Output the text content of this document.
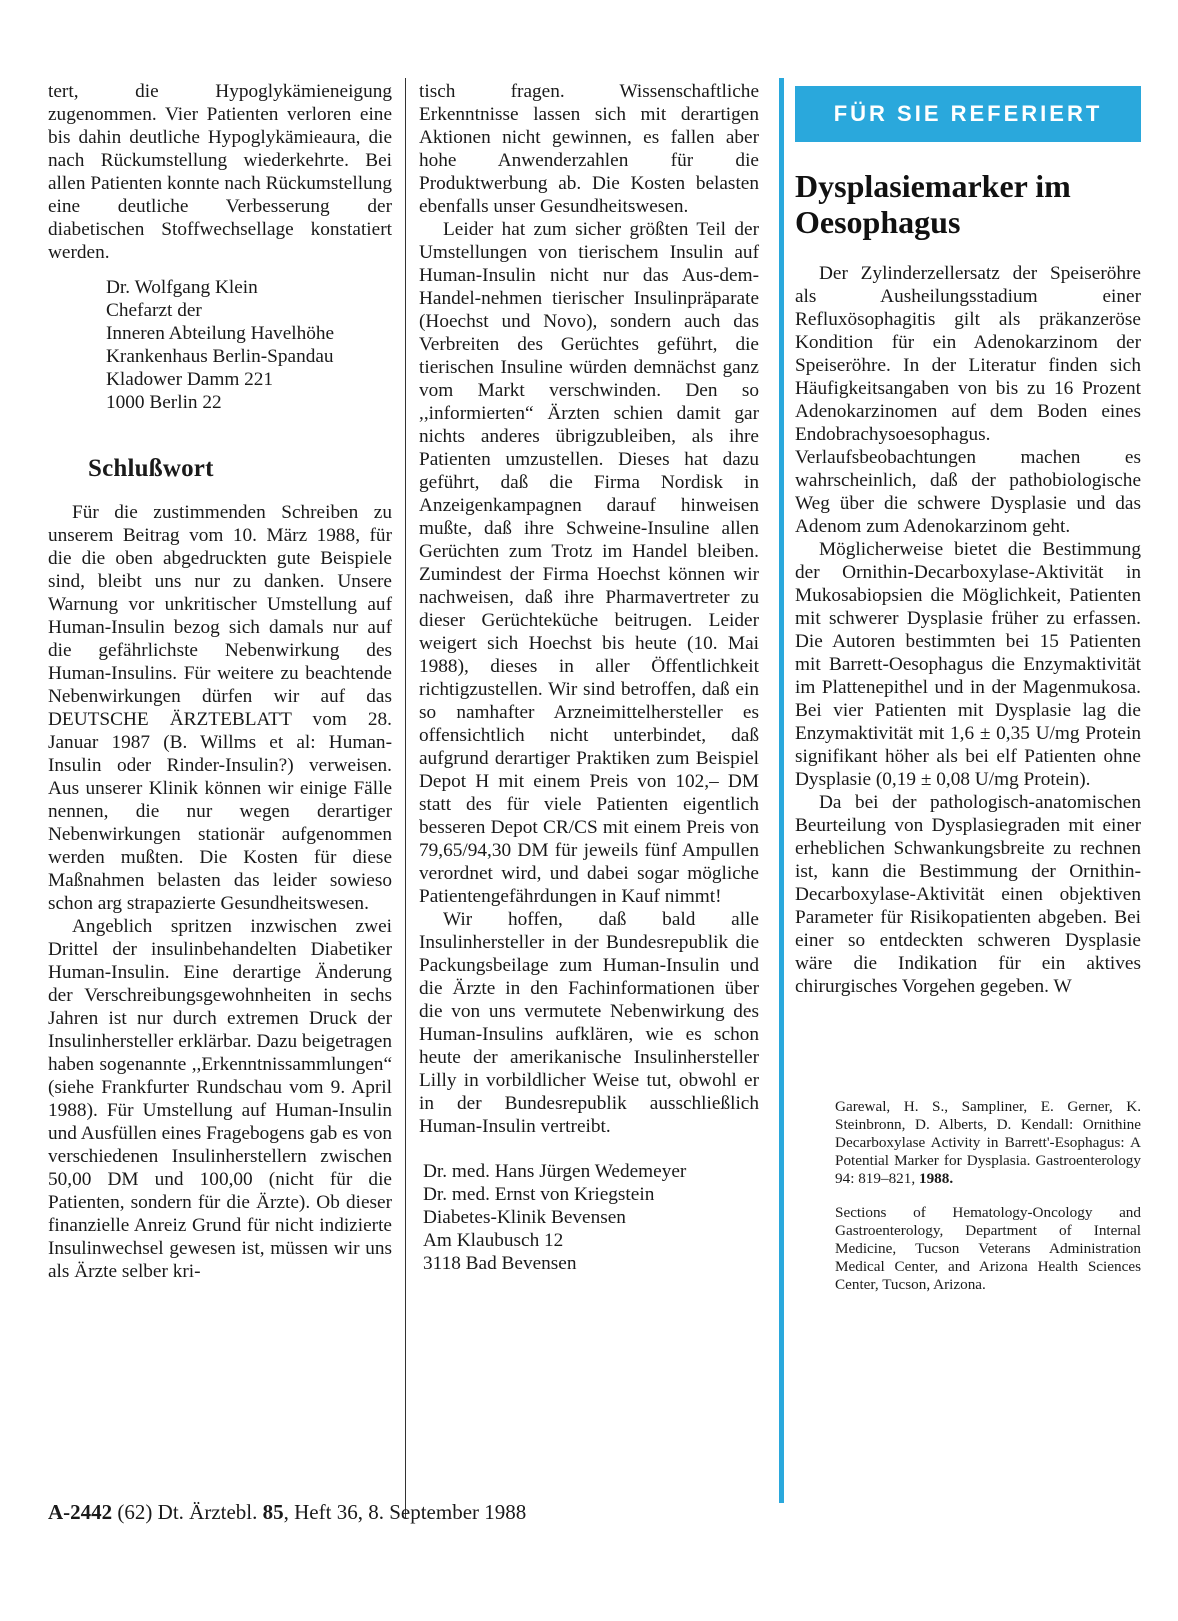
tert, die Hypoglykämieneigung zugenommen. Vier Patienten verloren eine bis dahin deutliche Hypoglykämieaura, die nach Rückumstellung wiederkehrte. Bei allen Patienten konnte nach Rückumstellung eine deutliche Verbesserung der diabetischen Stoffwechsellage konstatiert werden.

Dr. Wolfgang Klein
Chefarzt der
Inneren Abteilung Havelhöhe
Krankenhaus Berlin-Spandau
Kladower Damm 221
1000 Berlin 22
Schlußwort

Für die zustimmenden Schreiben zu unserem Beitrag vom 10. März 1988, für die die oben abgedruckten gute Beispiele sind, bleibt uns nur zu danken. Unsere Warnung vor unkritischer Umstellung auf Human-Insulin bezog sich damals nur auf die gefährlichste Nebenwirkung des Human-Insulins. Für weitere zu beachtende Nebenwirkungen dürfen wir auf das DEUTSCHE ÄRZTEBLATT vom 28. Januar 1987 (B. Willms et al: Human-Insulin oder Rinder-Insulin?) verweisen. Aus unserer Klinik können wir einige Fälle nennen, die nur wegen derartiger Nebenwirkungen stationär aufgenommen werden mußten. Die Kosten für diese Maßnahmen belasten das leider sowieso schon arg strapazierte Gesundheitswesen.

Angeblich spritzen inzwischen zwei Drittel der insulinbehandelten Diabetiker Human-Insulin. Eine derartige Änderung der Verschreibungsgewohnheiten in sechs Jahren ist nur durch extremen Druck der Insulinhersteller erklärbar. Dazu beigetragen haben sogenannte ,,Erkenntnissammlungen“ (siehe Frankfurter Rundschau vom 9. April 1988). Für Umstellung auf Human-Insulin und Ausfüllen eines Fragebogens gab es von verschiedenen Insulinherstellern zwischen 50,00 DM und 100,00 (nicht für die Patienten, sondern für die Ärzte). Ob dieser finanzielle Anreiz Grund für nicht indizierte Insulinwechsel gewesen ist, müssen wir uns als Ärzte selber kri-

tisch fragen. Wissenschaftliche Erkenntnisse lassen sich mit derartigen Aktionen nicht gewinnen, es fallen aber hohe Anwenderzahlen für die Produktwerbung ab. Die Kosten belasten ebenfalls unser Gesundheitswesen.

Leider hat zum sicher größten Teil der Umstellungen von tierischem Insulin auf Human-Insulin nicht nur das Aus-dem-Handel-nehmen tierischer Insulinpräparate (Hoechst und Novo), sondern auch das Verbreiten des Gerüchtes geführt, die tierischen Insuline würden demnächst ganz vom Markt verschwinden. Den so ,,informierten“ Ärzten schien damit gar nichts anderes übrigzubleiben, als ihre Patienten umzustellen. Dieses hat dazu geführt, daß die Firma Nordisk in Anzeigenkampagnen darauf hinweisen mußte, daß ihre Schweine-Insuline allen Gerüchten zum Trotz im Handel bleiben. Zumindest der Firma Hoechst können wir nachweisen, daß ihre Pharmavertreter zu dieser Gerüchteküche beitrugen. Leider weigert sich Hoechst bis heute (10. Mai 1988), dieses in aller Öffentlichkeit richtigzustellen. Wir sind betroffen, daß ein so namhafter Arzneimittelhersteller es offensichtlich nicht unterbindet, daß aufgrund derartiger Praktiken zum Beispiel Depot H mit einem Preis von 102,– DM statt des für viele Patienten eigentlich besseren Depot CR/CS mit einem Preis von 79,65/94,30 DM für jeweils fünf Ampullen verordnet wird, und dabei sogar mögliche Patientengefährdungen in Kauf nimmt!

Wir hoffen, daß bald alle Insulinhersteller in der Bundesrepublik die Packungsbeilage zum Human-Insulin und die Ärzte in den Fachinformationen über die von uns vermutete Nebenwirkung des Human-Insulins aufklären, wie es schon heute der amerikanische Insulinhersteller Lilly in vorbildlicher Weise tut, obwohl er in der Bundesrepublik ausschließlich Human-Insulin vertreibt.

Dr. med. Hans Jürgen Wedemeyer
Dr. med. Ernst von Kriegstein
Diabetes-Klinik Bevensen
Am Klaubusch 12
3118 Bad Bevensen
FÜR SIE REFERIERT
Dysplasiemarker im Oesophagus

Der Zylinderzellersatz der Speiseröhre als Ausheilungsstadium einer Refluxösophagitis gilt als präkanzeröse Kondition für ein Adenokarzinom der Speiseröhre. In der Literatur finden sich Häufigkeitsangaben von bis zu 16 Prozent Adenokarzinomen auf dem Boden eines Endobrachysoesophagus. Verlaufsbeobachtungen machen es wahrscheinlich, daß der pathobiologische Weg über die schwere Dysplasie und das Adenom zum Adenokarzinom geht.

Möglicherweise bietet die Bestimmung der Ornithin-Decarboxylase-Aktivität in Mukosabiopsien die Möglichkeit, Patienten mit schwerer Dysplasie früher zu erfassen. Die Autoren bestimmten bei 15 Patienten mit Barrett-Oesophagus die Enzymaktivität im Plattenepithel und in der Magenmukosa. Bei vier Patienten mit Dysplasie lag die Enzymaktivität mit 1,6 ± 0,35 U/mg Protein signifikant höher als bei elf Patienten ohne Dysplasie (0,19 ± 0,08 U/mg Protein).

Da bei der pathologisch-anatomischen Beurteilung von Dysplasiegraden mit einer erheblichen Schwankungsbreite zu rechnen ist, kann die Bestimmung der Ornithin-Decarboxylase-Aktivität einen objektiven Parameter für Risikopatienten abgeben. Bei einer so entdeckten schweren Dysplasie wäre die Indikation für ein aktives chirurgisches Vorgehen gegeben. W

Garewal, H. S., Sampliner, E. Gerner, K. Steinbronn, D. Alberts, D. Kendall: Ornithine Decarboxylase Activity in Barrett'-Esophagus: A Potential Marker for Dysplasia. Gastroenterology 94: 819–821, 1988.

Sections of Hematology-Oncology and Gastroenterology, Department of Internal Medicine, Tucson Veterans Administration Medical Center, and Arizona Health Sciences Center, Tucson, Arizona.

A-2442 (62) Dt. Ärztebl. 85, Heft 36, 8. September 1988
